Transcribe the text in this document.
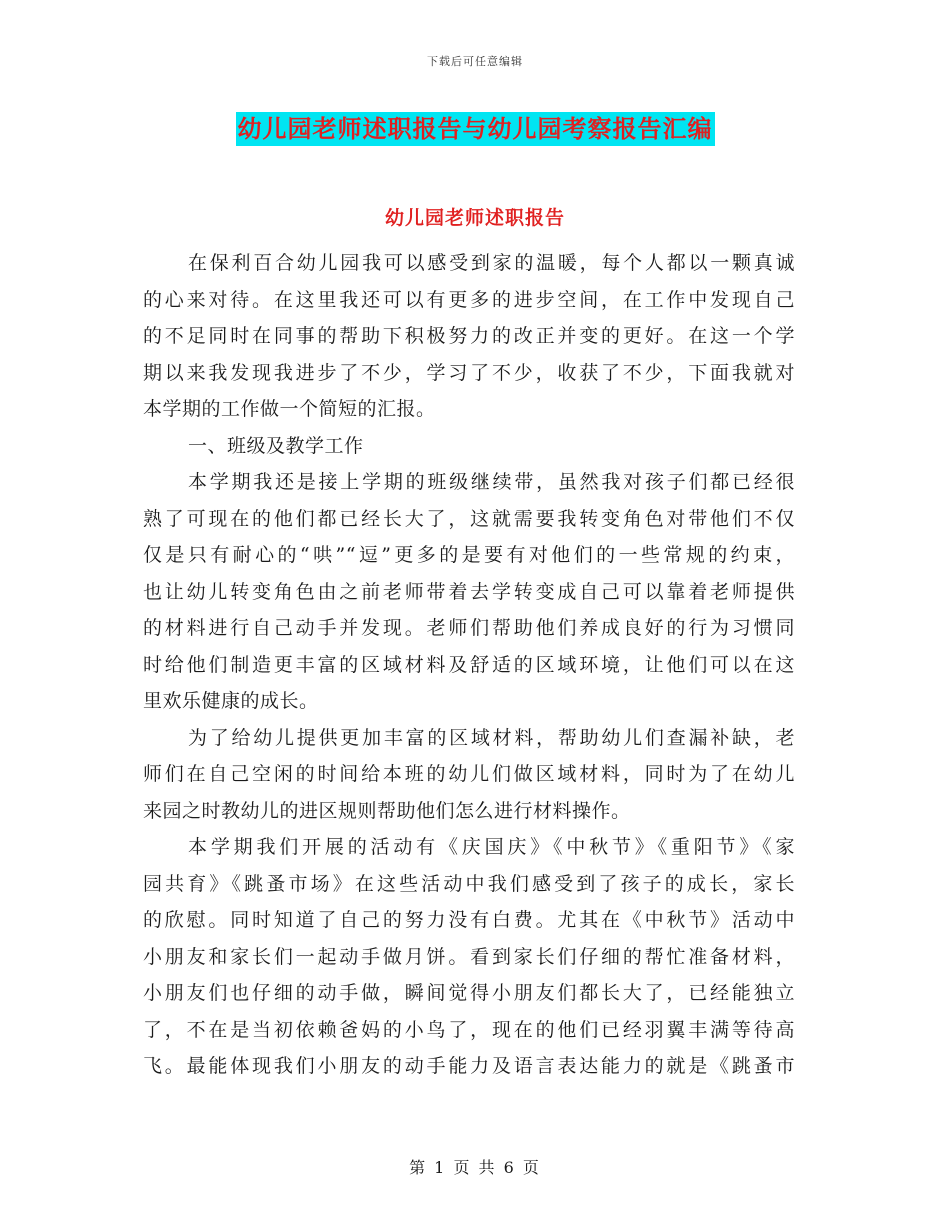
下载后可任意编辑
幼儿园老师述职报告与幼儿园考察报告汇编
幼儿园老师述职报告
在保利百合幼儿园我可以感受到家的温暖，每个人都以一颗真诚
的心来对待。在这里我还可以有更多的进步空间，在工作中发现自己
的不足同时在同事的帮助下积极努力的改正并变的更好。在这一个学
期以来我发现我进步了不少，学习了不少，收获了不少，下面我就对
本学期的工作做一个简短的汇报。
一、班级及教学工作
本学期我还是接上学期的班级继续带，虽然我对孩子们都已经很
熟了可现在的他们都已经长大了，这就需要我转变角色对带他们不仅
仅是只有耐心的“哄”“逗”更多的是要有对他们的一些常规的约束，
也让幼儿转变角色由之前老师带着去学转变成自己可以靠着老师提供
的材料进行自己动手并发现。老师们帮助他们养成良好的行为习惯同
时给他们制造更丰富的区域材料及舒适的区域环境，让他们可以在这
里欢乐健康的成长。
为了给幼儿提供更加丰富的区域材料，帮助幼儿们查漏补缺，老
师们在自己空闲的时间给本班的幼儿们做区域材料，同时为了在幼儿
来园之时教幼儿的进区规则帮助他们怎么进行材料操作。
本学期我们开展的活动有《庆国庆》《中秋节》《重阳节》《家
园共育》《跳蚤市场》在这些活动中我们感受到了孩子的成长，家长
的欣慰。同时知道了自己的努力没有白费。尤其在《中秋节》活动中
小朋友和家长们一起动手做月饼。看到家长们仔细的帮忙准备材料，
小朋友们也仔细的动手做，瞬间觉得小朋友们都长大了，已经能独立
了，不在是当初依赖爸妈的小鸟了，现在的他们已经羽翼丰满等待高
飞。最能体现我们小朋友的动手能力及语言表达能力的就是《跳蚤市
第 1 页 共 6 页
